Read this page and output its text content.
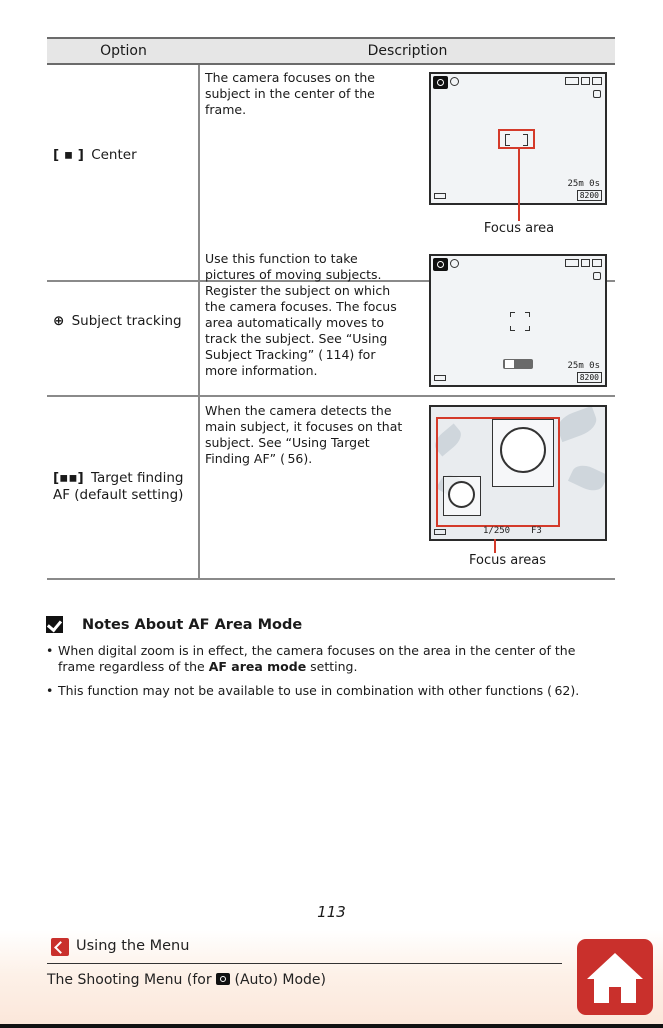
Option	Description
[ ▪ ] Center
The camera focuses on the subject in the center of the frame.
⊕ Subject tracking
Use this function to take pictures of moving subjects. Register the subject on which the camera focuses. The focus area automatically moves to track the subject. See “Using Subject Tracking” ( 114) for more information.
[▪▪] Target finding
AF (default setting)
When the camera detects the main subject, it focuses on that subject. See “Using Target Finding AF” ( 56).
25m 0s
8200
Focus area
25m 0s
8200
1/250 F3
Focus areas
Notes About AF Area Mode
• When digital zoom is in effect, the camera focuses on the area in the center of the frame regardless of the AF area mode setting.
• This function may not be available to use in combination with other functions ( 62).
113
Using the Menu
The Shooting Menu (for  (Auto) Mode)
